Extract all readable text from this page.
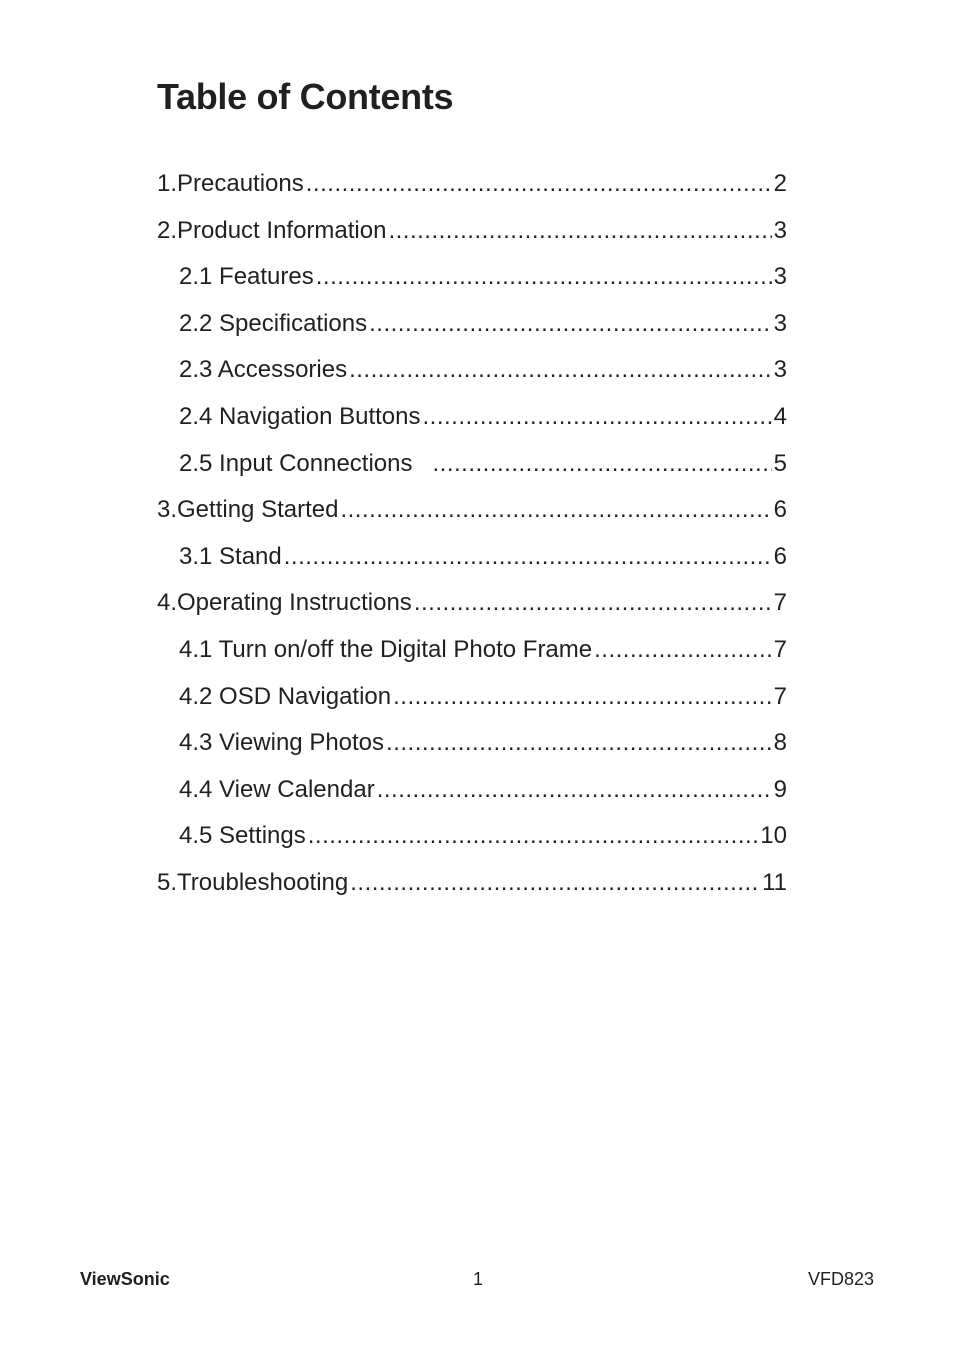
Table of Contents
1.Precautions .....	2
2.Product Information .....	3
2.1 Features .....	3
2.2 Specifications .....	3
2.3 Accessories .....	3
2.4 Navigation Buttons .....	4
2.5 Input Connections .....	5
3.Getting Started .....	6
3.1 Stand .....	6
4.Operating Instructions .....	7
4.1 Turn on/off the Digital Photo Frame .....	7
4.2 OSD Navigation .....	7
4.3 Viewing Photos .....	8
4.4 View Calendar .....	9
4.5 Settings .....	10
5.Troubleshooting .....	11
ViewSonic	1	VFD823
